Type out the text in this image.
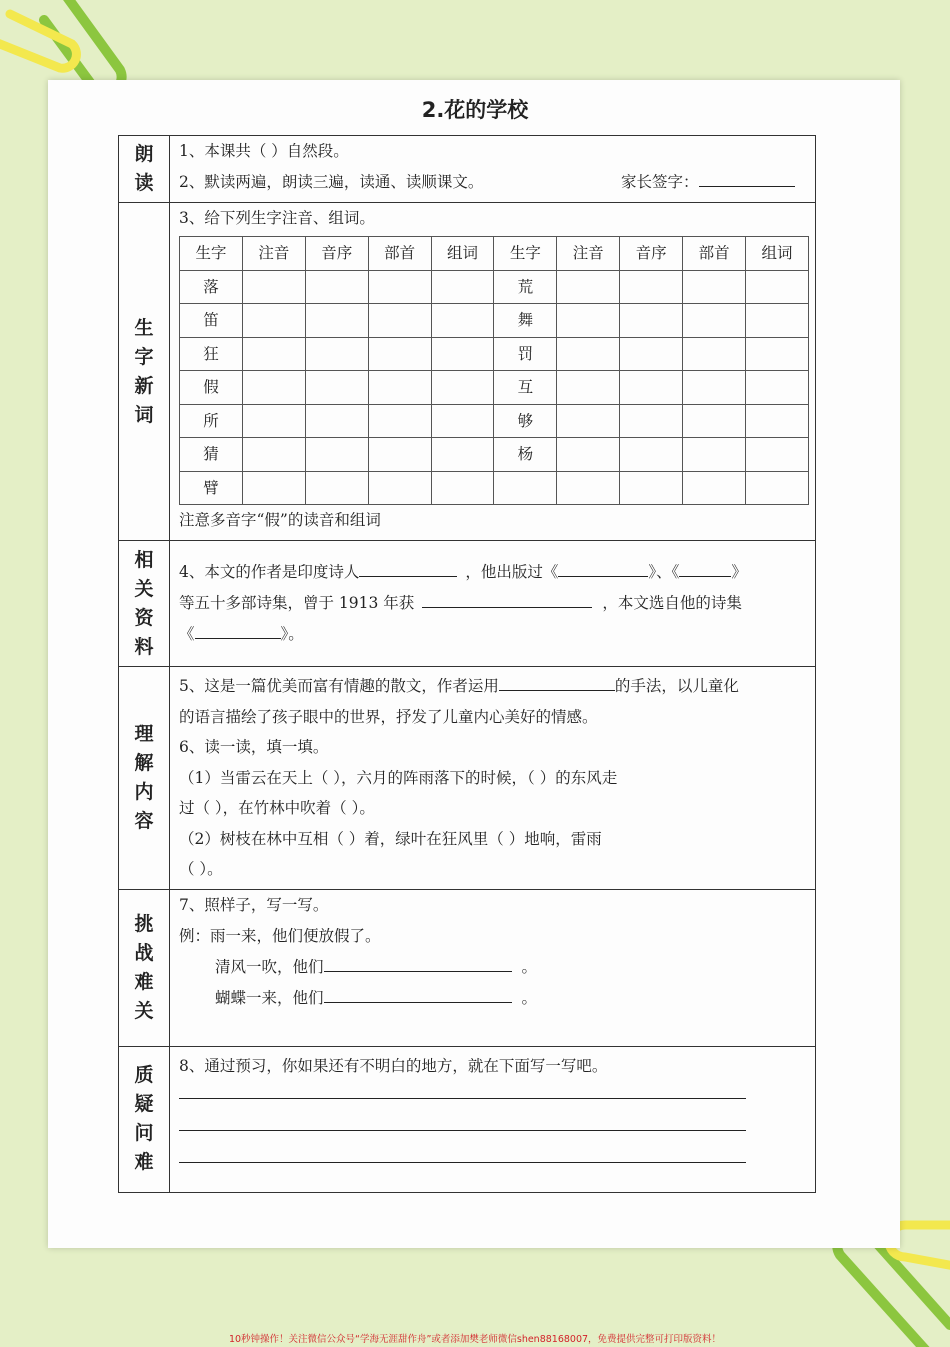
2.花的学校
朗读

1、本课共（ ）自然段。
2、默读两遍，朗读三遍，读通、读顺课文。	家长签字：

生字新词

3、给下列生字注音、组词。
生字	注音	音序	部首	组词	生字	注音	音序	部首	组词
落					荒				
笛					舞				
狂					罚				
假					互				
所					够				
猜					杨				
臂									
注意多音字“假”的读音和组词

相关资料

4、本文的作者是印度诗人	，他出版过《	》、《	》
等五十多部诗集，曾于 1913 年获	，本文选自他的诗集
《	》。

理解内容

5、这是一篇优美而富有情趣的散文，作者运用	的手法，以儿童化
的语言描绘了孩子眼中的世界，抒发了儿童内心美好的情感。
6、读一读，填一填。
（1）当雷云在天上（ ），六月的阵雨落下的时候，（ ）的东风走
过（ ），在竹林中吹着（ ）。
（2）树枝在林中互相（ ）着，绿叶在狂风里（ ）地响，雷雨
（ ）。

挑战难关

7、照样子，写一写。
例：雨一来，他们便放假了。
清风一吹，他们	。
蝴蝶一来，他们	。

质疑问难

8、通过预习，你如果还有不明白的地方，就在下面写一写吧。
10秒钟操作！关注微信公众号“学海无涯甜作舟”或者添加樊老师微信shen88168007，免费提供完整可打印版资料！
